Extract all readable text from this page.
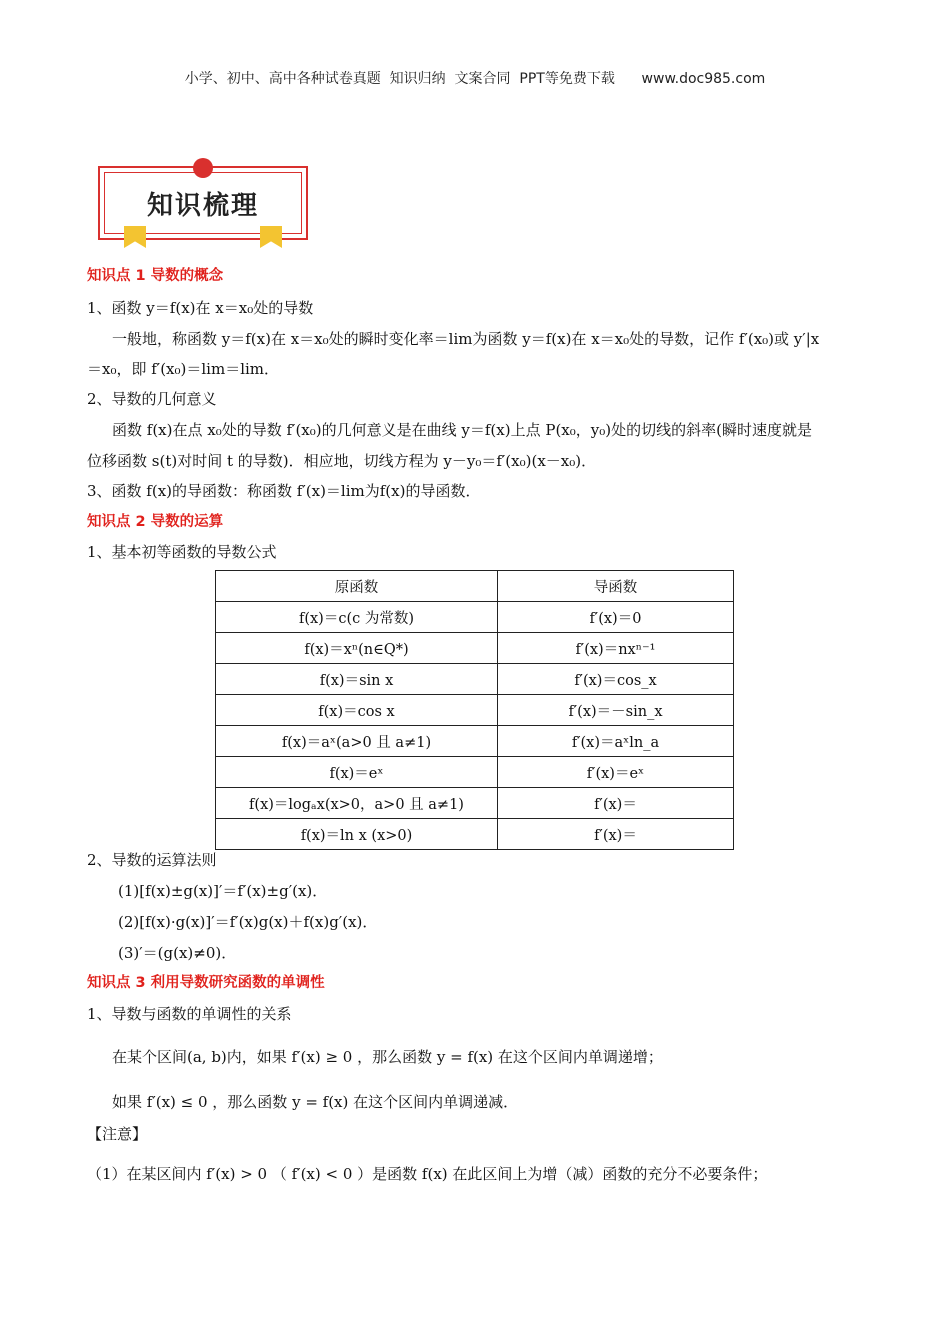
小学、初中、高中各种试卷真题  知识归纳  文案合同  PPT等免费下载 www.doc985.com
知识梳理
知识点 1 导数的概念
1、函数 y＝f(x)在 x＝x₀处的导数
一般地，称函数 y＝f(x)在 x＝x₀处的瞬时变化率＝lim为函数 y＝f(x)在 x＝x₀处的导数，记作 f′(x₀)或 y′|x
＝x₀，即 f′(x₀)＝lim＝lim．
2、导数的几何意义
函数 f(x)在点 x₀处的导数 f′(x₀)的几何意义是在曲线 y＝f(x)上点 P(x₀，y₀)处的切线的斜率(瞬时速度就是
位移函数 s(t)对时间 t 的导数)．相应地，切线方程为 y－y₀＝f′(x₀)(x－x₀)．
3、函数 f(x)的导函数：称函数 f′(x)＝lim为f(x)的导函数．
知识点 2 导数的运算
1、基本初等函数的导数公式
原函数	导函数
f(x)＝c(c 为常数)	f′(x)＝0
f(x)＝xⁿ(n∈Q*)	f′(x)＝nxⁿ⁻¹
f(x)＝sin x	f′(x)＝cos_x
f(x)＝cos x	f′(x)＝－sin_x
f(x)＝aˣ(a>0 且 a≠1)	f′(x)＝aˣln_a
f(x)＝eˣ	f′(x)＝eˣ
f(x)＝logₐx(x>0，a>0 且 a≠1)	f′(x)＝
f(x)＝ln x (x>0)	f′(x)＝
2、导数的运算法则
(1)[f(x)±g(x)]′＝f′(x)±g′(x)．
(2)[f(x)·g(x)]′＝f′(x)g(x)＋f(x)g′(x)．
(3)′＝(g(x)≠0)．
知识点 3 利用导数研究函数的单调性
1、导数与函数的单调性的关系
在某个区间(a, b)内，如果 f′(x) ≥ 0 ，那么函数 y = f(x) 在这个区间内单调递增；
如果 f′(x) ≤ 0 ，那么函数 y = f(x) 在这个区间内单调递减．
【注意】
（1）在某区间内 f′(x) > 0 （ f′(x) < 0 ）是函数 f(x) 在此区间上为增（减）函数的充分不必要条件；
